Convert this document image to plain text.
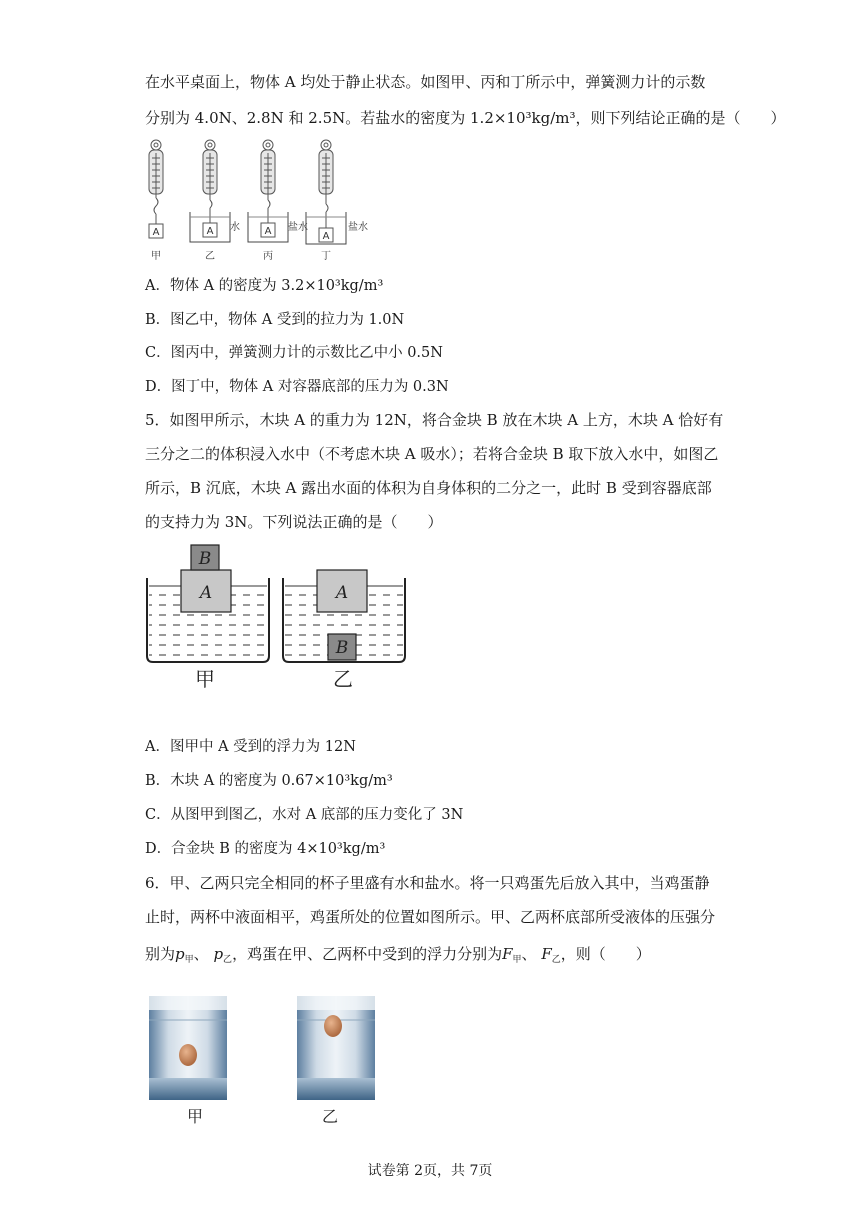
在水平桌面上，物体 A 均处于静止状态。如图甲、丙和丁所示中，弹簧测力计的示数
分别为 4.0N、2.8N 和 2.5N。若盐水的密度为 1.2×10³kg/m³，则下列结论正确的是（　　）
A	A	A	A
水	盐水	盐水
甲	乙	丙	丁
A．物体 A 的密度为 3.2×10³kg/m³
B．图乙中，物体 A 受到的拉力为 1.0N
C．图丙中，弹簧测力计的示数比乙中小 0.5N
D．图丁中，物体 A 对容器底部的压力为 0.3N
5．如图甲所示，木块 A 的重力为 12N，将合金块 B 放在木块 A 上方，木块 A 恰好有
三分之二的体积浸入水中（不考虑木块 A 吸水）；若将合金块 B 取下放入水中，如图乙
所示，B 沉底，木块 A 露出水面的体积为自身体积的二分之一，此时 B 受到容器底部
的支持力为 3N。下列说法正确的是（　　）
B
A	A
B
甲	乙
A．图甲中 A 受到的浮力为 12N
B．木块 A 的密度为 0.67×10³kg/m³
C．从图甲到图乙，水对 A 底部的压力变化了 3N
D．合金块 B 的密度为 4×10³kg/m³
6．甲、乙两只完全相同的杯子里盛有水和盐水。将一只鸡蛋先后放入其中，当鸡蛋静
止时，两杯中液面相平，鸡蛋所处的位置如图所示。甲、乙两杯底部所受液体的压强分
别为$p_甲$、 $p_乙$，鸡蛋在甲、乙两杯中受到的浮力分别为$F_甲$、 $F_乙$，则（　　）
甲	乙
试卷第 2页，共 7页
